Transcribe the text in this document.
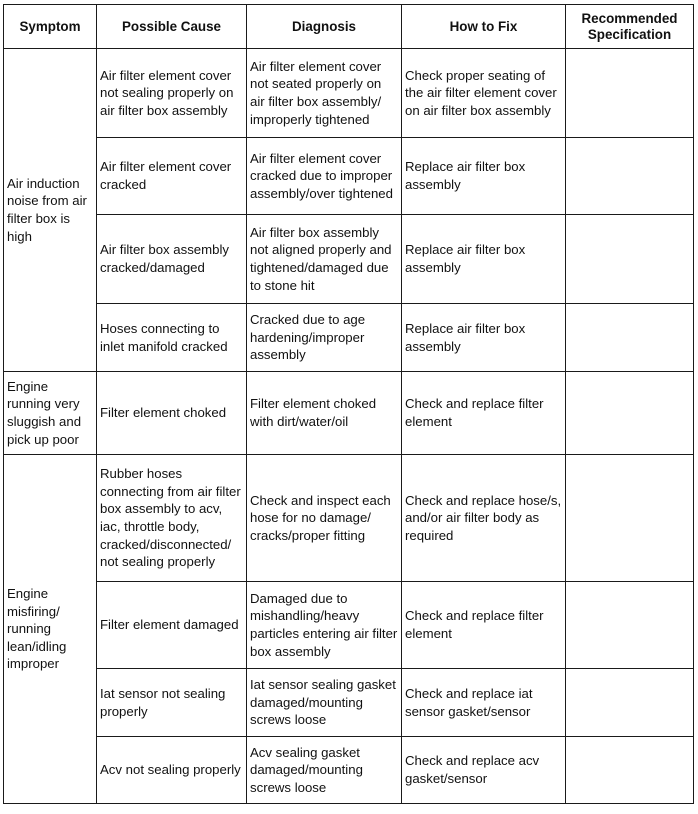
Symptom	Possible Cause	Diagnosis	How to Fix	Recommended Specification
Air induction noise from air filter box is high	Air filter element cover not sealing properly on air filter box assembly	Air filter element cover not seated properly on air filter box assembly/ improperly tightened	Check proper seating of the air filter element cover on air filter box assembly	
	Air filter element cover cracked	Air filter element cover cracked due to improper assembly/over tightened	Replace air filter box assembly	
	Air filter box assembly cracked/damaged	Air filter box assembly not aligned properly and tightened/damaged due to stone hit	Replace air filter box assembly	
	Hoses connecting to inlet manifold cracked	Cracked due to age hardening/improper assembly	Replace air filter box assembly	
Engine running very sluggish and pick up poor	Filter element choked	Filter element choked with dirt/water/oil	Check and replace filter element	
Engine misfiring/ running lean/idling improper	Rubber hoses connecting from air filter box assembly to acv, iac, throttle body, cracked/disconnected/ not sealing properly	Check and inspect each hose for no damage/ cracks/proper fitting	Check and replace hose/s, and/or air filter body as required	
	Filter element damaged	Damaged due to mishandling/heavy particles entering air filter box assembly	Check and replace filter element	
	Iat sensor not sealing properly	Iat sensor sealing gasket damaged/mounting screws loose	Check and replace iat sensor gasket/sensor	
	Acv not sealing properly	Acv sealing gasket damaged/mounting screws loose	Check and replace acv gasket/sensor	
